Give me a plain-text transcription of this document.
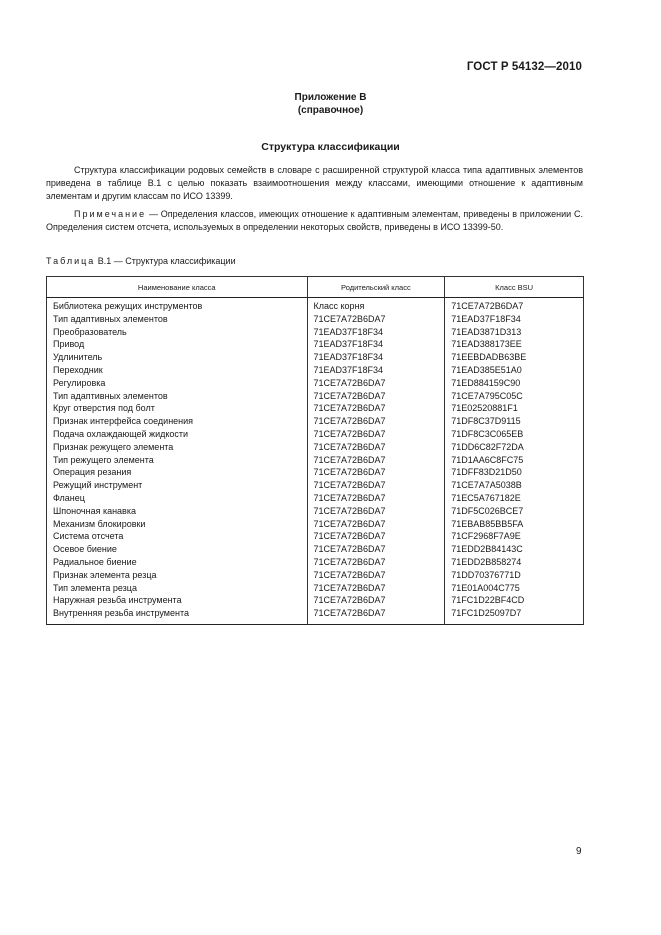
ГОСТ Р 54132—2010
Приложение В
(справочное)
Структура классификации
Структура классификации родовых семейств в словаре с расширенной структурой класса типа адаптивных элементов приведена в таблице В.1 с целью показать взаимоотношения между классами, имеющими отношение к адаптивным элементам и другим классам по ИСО 13399.
Примечание — Определения классов, имеющих отношение к адаптивным элементам, приведены в приложении С. Определения систем отсчета, используемых в определении некоторых свойств, приведены в ИСО 13399-50.
Таблица В.1 — Структура классификации
Наименование класса	Родительский класс	Класс BSU
Библиотека режущих инструментов	Класс корня	71CE7A72B6DA7
Тип адаптивных элементов	71CE7A72B6DA7	71EAD37F18F34
Преобразователь	71EAD37F18F34	71EAD3871D313
Привод	71EAD37F18F34	71EAD388173EE
Удлинитель	71EAD37F18F34	71EEBDADB63BE
Переходник	71EAD37F18F34	71EAD385E51A0
Регулировка	71CE7A72B6DA7	71ED884159C90
Тип адаптивных элементов	71CE7A72B6DA7	71CE7A795C05C
Круг отверстия под болт	71CE7A72B6DA7	71E02520881F1
Признак интерфейса соединения	71CE7A72B6DA7	71DF8C37D9115
Подача охлаждающей жидкости	71CE7A72B6DA7	71DF8C3C065EB
Признак режущего элемента	71CE7A72B6DA7	71DD6C82F72DA
Тип режущего элемента	71CE7A72B6DA7	71D1AA6C8FC75
Операция резания	71CE7A72B6DA7	71DFF83D21D50
Режущий инструмент	71CE7A72B6DA7	71CE7A7A5038B
Фланец	71CE7A72B6DA7	71EC5A767182E
Шпоночная канавка	71CE7A72B6DA7	71DF5C026BCE7
Механизм блокировки	71CE7A72B6DA7	71EBAB85BB5FA
Система отсчета	71CE7A72B6DA7	71CF2968F7A9E
Осевое биение	71CE7A72B6DA7	71EDD2B84143C
Радиальное биение	71CE7A72B6DA7	71EDD2B858274
Признак элемента резца	71CE7A72B6DA7	71DD70376771D
Тип элемента резца	71CE7A72B6DA7	71E01A004C775
Наружная резьба инструмента	71CE7A72B6DA7	71FC1D22BF4CD
Внутренняя резьба инструмента	71CE7A72B6DA7	71FC1D25097D7
9
